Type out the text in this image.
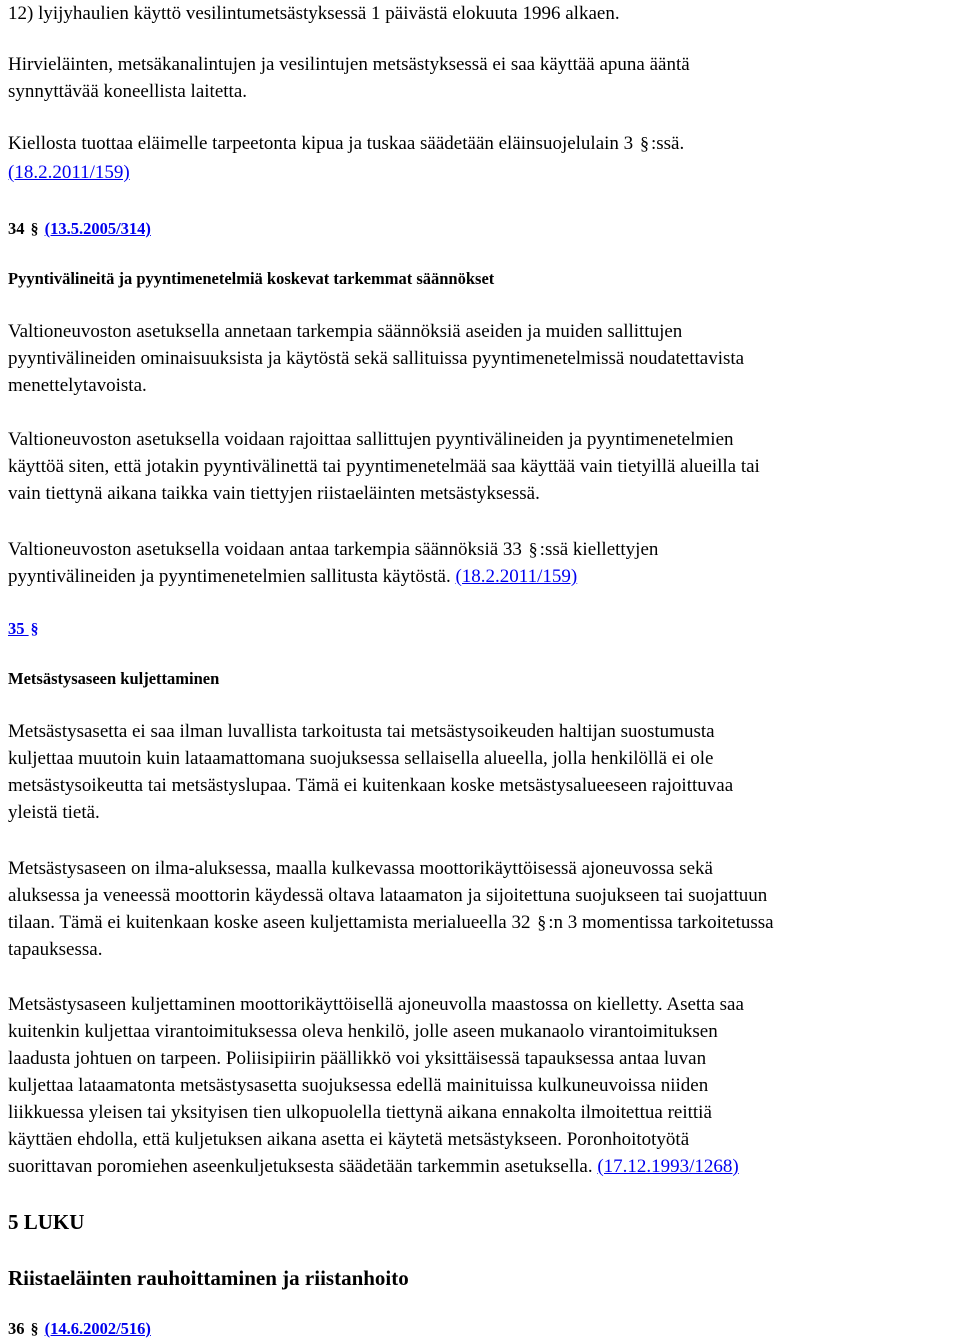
12) lyijyhaulien käyttö vesilintumetsästyksessä 1 päivästä elokuuta 1996 alkaen.

Hirvieläinten, metsäkanalintujen ja vesilintujen metsästyksessä ei saa käyttää apuna ääntä

synnyttävää koneellista laitetta.

Kiellosta tuottaa eläimelle tarpeetonta kipua ja tuskaa säädetään eläinsuojelulain 3 § :ssä.

(18.2.2011/159)

34 § (13.5.2005/314)

Pyyntivälineitä ja pyyntimenetelmiä koskevat tarkemmat säännökset

Valtioneuvoston asetuksella annetaan tarkempia säännöksiä aseiden ja muiden sallittujen

pyyntivälineiden ominaisuuksista ja käytöstä sekä sallituissa pyyntimenetelmissä noudatettavista

menettelytavoista.

Valtioneuvoston asetuksella voidaan rajoittaa sallittujen pyyntivälineiden ja pyyntimenetelmien

käyttöä siten, että jotakin pyyntivälinettä tai pyyntimenetelmää saa käyttää vain tietyillä alueilla tai

vain tiettynä aikana taikka vain tiettyjen riistaeläinten metsästyksessä.

Valtioneuvoston asetuksella voidaan antaa tarkempia säännöksiä 33 § :ssä kiellettyjen

pyyntivälineiden ja pyyntimenetelmien sallitusta käytöstä. (18.2.2011/159)

35 §

Metsästysaseen kuljettaminen

Metsästysasetta ei saa ilman luvallista tarkoitusta tai metsästysoikeuden haltijan suostumusta

kuljettaa muutoin kuin lataamattomana suojuksessa sellaisella alueella, jolla henkilöllä ei ole

metsästysoikeutta tai metsästyslupaa. Tämä ei kuitenkaan koske metsästysalueeseen rajoittuvaa

yleistä tietä.

Metsästysaseen on ilma-aluksessa, maalla kulkevassa moottorikäyttöisessä ajoneuvossa sekä

aluksessa ja veneessä moottorin käydessä oltava lataamaton ja sijoitettuna suojukseen tai suojattuun

tilaan. Tämä ei kuitenkaan koske aseen kuljettamista merialueella 32 § :n 3 momentissa tarkoitetussa

tapauksessa.

Metsästysaseen kuljettaminen moottorikäyttöisellä ajoneuvolla maastossa on kielletty. Asetta saa

kuitenkin kuljettaa virantoimituksessa oleva henkilö, jolle aseen mukanaolo virantoimituksen

laadusta johtuen on tarpeen. Poliisipiirin päällikkö voi yksittäisessä tapauksessa antaa luvan

kuljettaa lataamatonta metsästysasetta suojuksessa edellä mainituissa kulkuneuvoissa niiden

liikkuessa yleisen tai yksityisen tien ulkopuolella tiettynä aikana ennakolta ilmoitettua reittiä

käyttäen ehdolla, että kuljetuksen aikana asetta ei käytetä metsästykseen. Poronhoitotyötä

suorittavan poromiehen aseenkuljetuksesta säädetään tarkemmin asetuksella. (17.12.1993/1268)

5 LUKU

Riistaeläinten rauhoittaminen ja riistanhoito

36 § (14.6.2002/516)
